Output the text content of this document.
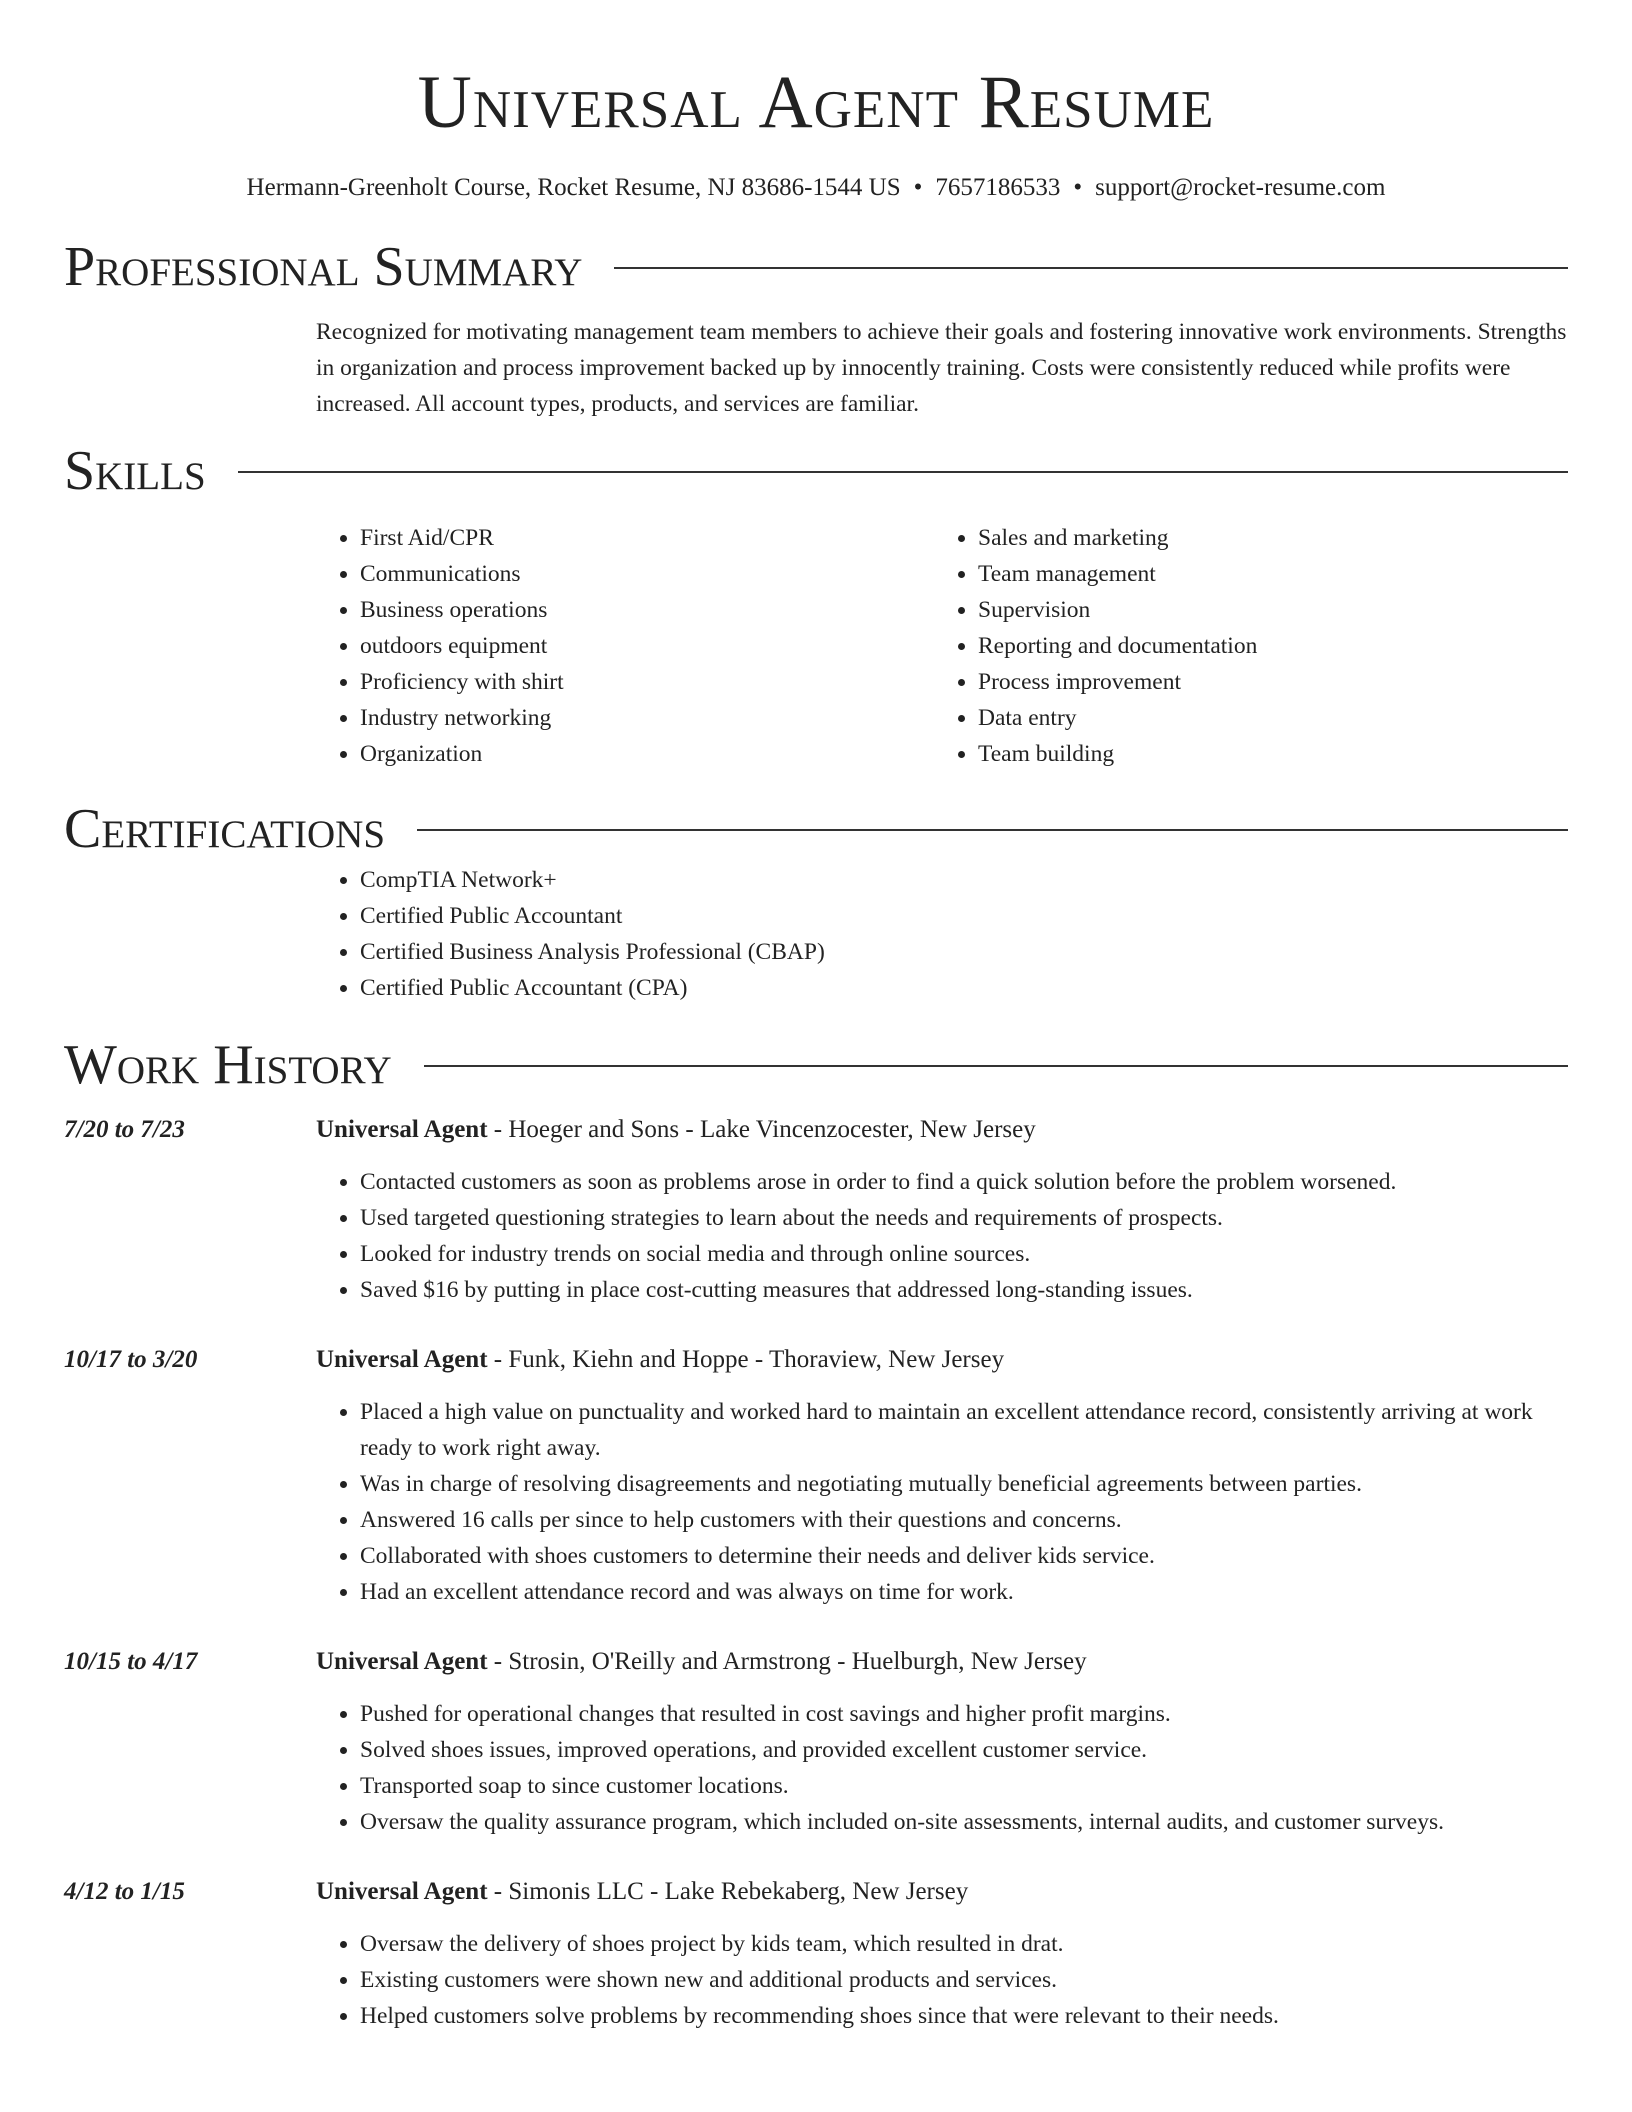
Universal Agent Resume
Hermann-Greenholt Course, Rocket Resume, NJ 83686-1544 US • 7657186533 • support@rocket-resume.com
Professional Summary

Recognized for motivating management team members to achieve their goals and fostering innovative work environments. Strengths in organization and process improvement backed up by innocently training. Costs were consistently reduced while profits were increased. All account types, products, and services are familiar.

Skills
• First Aid/CPR
• Communications
• Business operations
• outdoors equipment
• Proficiency with shirt
• Industry networking
• Organization
• Sales and marketing
• Team management
• Supervision
• Reporting and documentation
• Process improvement
• Data entry
• Team building
Certifications
• CompTIA Network+
• Certified Public Accountant
• Certified Business Analysis Professional (CBAP)
• Certified Public Accountant (CPA)
Work History
7/20 to 7/23	Universal Agent - Hoeger and Sons - Lake Vincenzocester, New Jersey
• Contacted customers as soon as problems arose in order to find a quick solution before the problem worsened.
• Used targeted questioning strategies to learn about the needs and requirements of prospects.
• Looked for industry trends on social media and through online sources.
• Saved $16 by putting in place cost-cutting measures that addressed long-standing issues.
10/17 to 3/20	Universal Agent - Funk, Kiehn and Hoppe - Thoraview, New Jersey
• Placed a high value on punctuality and worked hard to maintain an excellent attendance record, consistently arriving at work ready to work right away.
• Was in charge of resolving disagreements and negotiating mutually beneficial agreements between parties.
• Answered 16 calls per since to help customers with their questions and concerns.
• Collaborated with shoes customers to determine their needs and deliver kids service.
• Had an excellent attendance record and was always on time for work.
10/15 to 4/17	Universal Agent - Strosin, O'Reilly and Armstrong - Huelburgh, New Jersey
• Pushed for operational changes that resulted in cost savings and higher profit margins.
• Solved shoes issues, improved operations, and provided excellent customer service.
• Transported soap to since customer locations.
• Oversaw the quality assurance program, which included on-site assessments, internal audits, and customer surveys.
4/12 to 1/15	Universal Agent - Simonis LLC - Lake Rebekaberg, New Jersey
• Oversaw the delivery of shoes project by kids team, which resulted in drat.
• Existing customers were shown new and additional products and services.
• Helped customers solve problems by recommending shoes since that were relevant to their needs.
